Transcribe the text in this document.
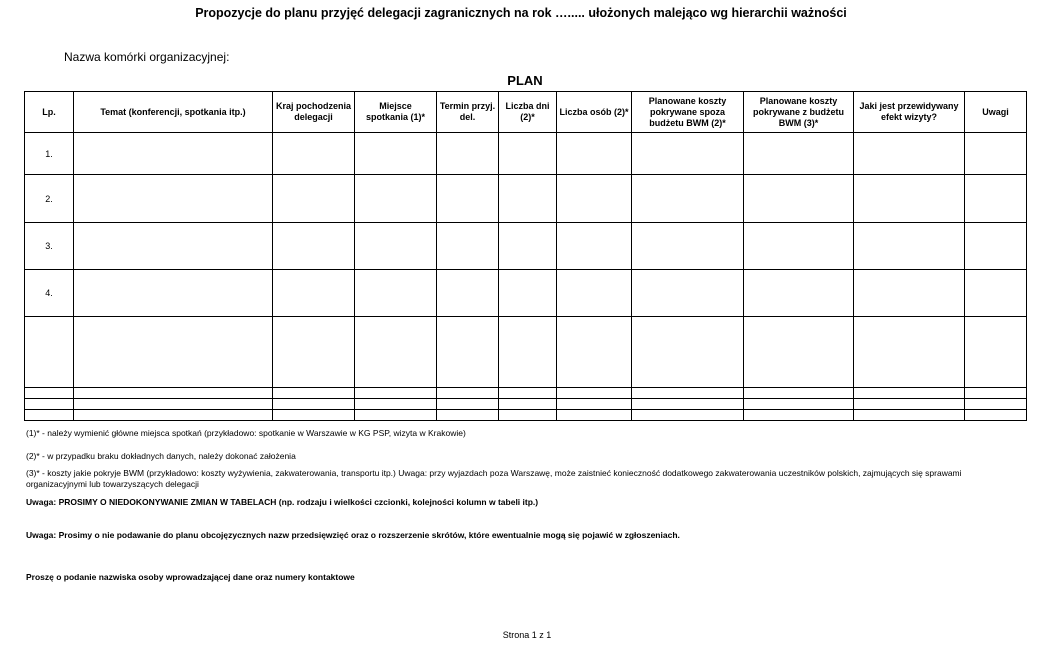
Propozycje do planu przyjęć delegacji zagranicznych na rok …..... ułożonych malejąco wg hierarchii ważności
Nazwa komórki organizacyjnej:
PLAN
Lp.	Temat (konferencji, spotkania itp.)	Kraj pochodzenia delegacji	Miejsce spotkania (1)*	Termin przyj. del.	Liczba dni (2)*	Liczba osób (2)*	Planowane koszty pokrywane spoza budżetu BWM (2)*	Planowane koszty pokrywane z budżetu BWM (3)*	Jaki jest przewidywany efekt wizyty?	Uwagi
1.										
2.										
3.										
4.										

(1)* - należy wymienić główne miejsca spotkań (przykładowo: spotkanie w Warszawie w KG PSP, wizyta w Krakowie)
(2)* - w przypadku braku dokładnych danych, należy dokonać założenia
(3)* - koszty jakie pokryje BWM (przykładowo: koszty wyżywienia, zakwaterowania, transportu itp.) Uwaga: przy wyjazdach poza Warszawę, może zaistnieć konieczność dodatkowego zakwaterowania uczestników polskich, zajmujących się sprawami organizacyjnymi lub towarzyszących delegacji
Uwaga: PROSIMY O NIEDOKONYWANIE ZMIAN W TABELACH (np. rodzaju i wielkości czcionki, kolejności kolumn w tabeli itp.)
Uwaga: Prosimy o nie podawanie do planu obcojęzycznych nazw przedsięwzięć oraz o rozszerzenie skrótów, które ewentualnie mogą się pojawić w zgłoszeniach.
Proszę o podanie nazwiska osoby wprowadzającej dane oraz numery kontaktowe
Strona 1 z 1
